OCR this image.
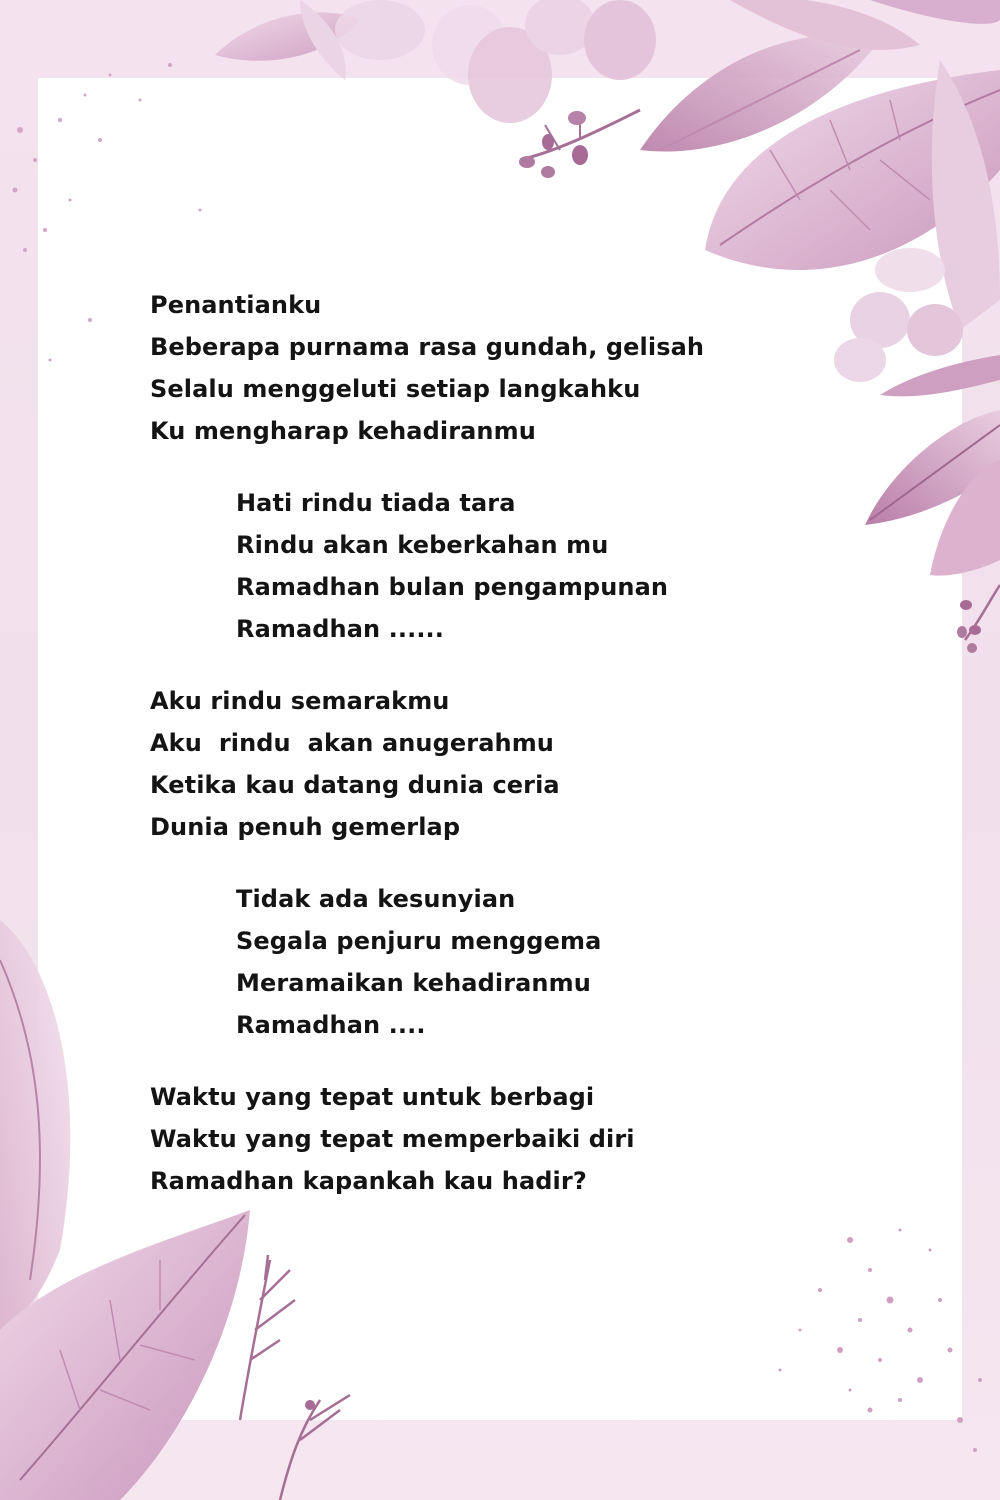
Penantianku
Beberapa purnama rasa gundah, gelisah
Selalu menggeluti setiap langkahku
Ku mengharap kehadiranmu
Hati rindu tiada tara
Rindu akan keberkahan mu
Ramadhan bulan pengampunan
Ramadhan ......
Aku rindu semarakmu
Aku  rindu  akan anugerahmu
Ketika kau datang dunia ceria
Dunia penuh gemerlap
Tidak ada kesunyian
Segala penjuru menggema
Meramaikan kehadiranmu
Ramadhan ....
Waktu yang tepat untuk berbagi
Waktu yang tepat memperbaiki diri
Ramadhan kapankah kau hadir?
